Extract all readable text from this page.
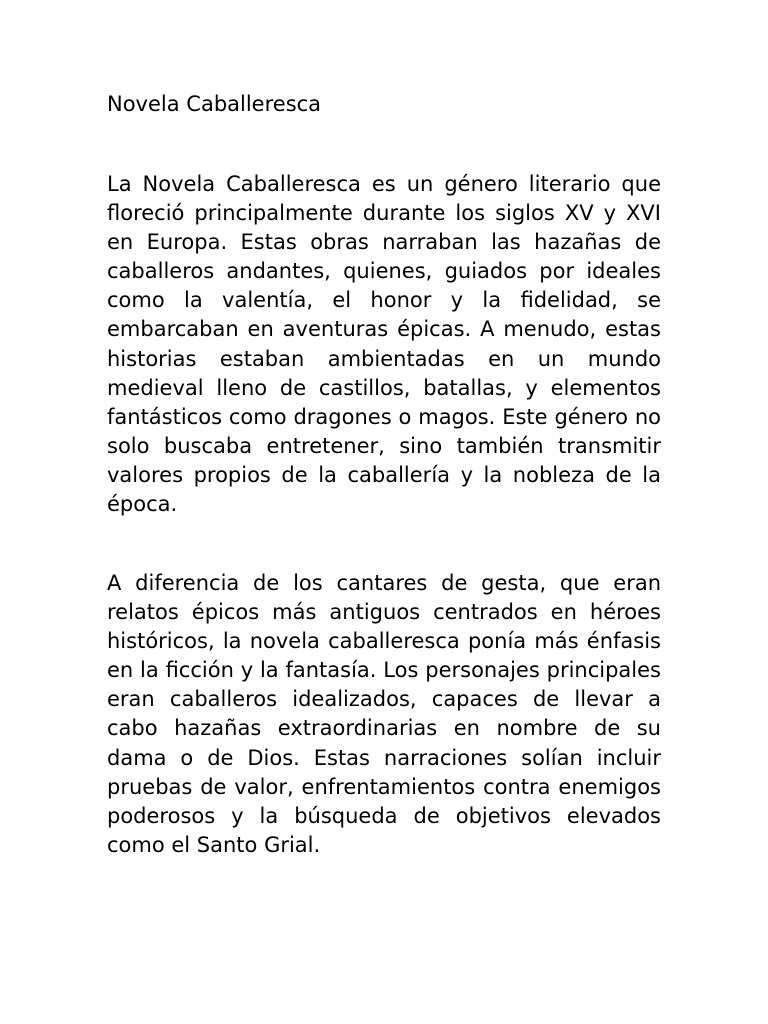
Novela Caballeresca

La Novela Caballeresca es un género literario que floreció principalmente durante los siglos XV y XVI en Europa. Estas obras narraban las hazañas de caballeros andantes, quienes, guiados por ideales como la valentía, el honor y la fidelidad, se embarcaban en aventuras épicas. A menudo, estas historias estaban ambientadas en un mundo medieval lleno de castillos, batallas, y elementos fantásticos como dragones o magos. Este género no solo buscaba entretener, sino también transmitir valores propios de la caballería y la nobleza de la época.

A diferencia de los cantares de gesta, que eran relatos épicos más antiguos centrados en héroes históricos, la novela caballeresca ponía más énfasis en la ficción y la fantasía. Los personajes principales eran caballeros idealizados, capaces de llevar a cabo hazañas extraordinarias en nombre de su dama o de Dios. Estas narraciones solían incluir pruebas de valor, enfrentamientos contra enemigos poderosos y la búsqueda de objetivos elevados como el Santo Grial.
